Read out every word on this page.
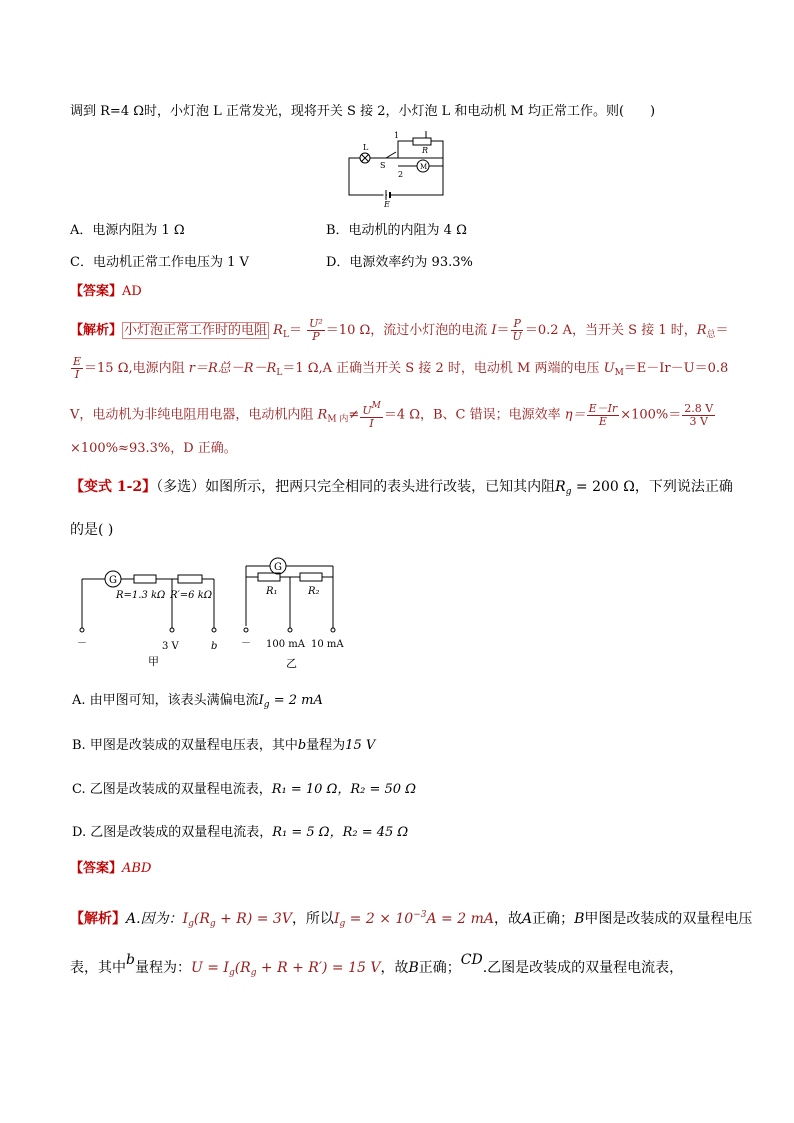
调到 R=4 Ω时，小灯泡 L 正常发光，现将开关 S 接 2，小灯泡 L 和电动机 M 均正常工作。则(　　)
L
1
R
S
2
M
E
A．电源内阻为 1 Ω	B．电动机的内阻为 4 Ω
C．电动机正常工作电压为 1 V	D．电源效率约为 93.3%
【答案】AD
【解析】 小灯泡正常工作时的电阻 $R_L= \frac{\text{U²}}{P} =10$ Ω，流过小灯泡的电流 $I= \frac{P}{U} =0.2$ A，当开关 S 接 1 时，$R_总=$
$\frac{E}{I} =15$ Ω,电源内阻 r＝R总$-R-R_L=1$ Ω,A 正确当开关 S 接 2 时，电动机 M 两端的电压 $U_M=E-Ir-U=0.8$
V，电动机为非纯电阻用电器，电动机内阻 $R_{M 内}\ne \frac{U^M}{I} =4$ Ω，B、C 错误；电源效率 $\eta= \frac{E-Ir}{E} \times 100\%= \frac{2.8 V}{3 V}$
×100%≈93.3%，D 正确。
【变式 1-2】（多选）如图所示，把两只完全相同的表头进行改装，已知其内阻$R_g = 200$ Ω，下列说法正确
的是( )
G
R=1.3 kΩ R′=6 kΩ
－	3 V	b
甲
G
R₁	R₂
－ 100 mA 10 mA
乙
A. 由甲图可知，该表头满偏电流$I_g = 2$ mA
B. 甲图是改装成的双量程电压表，其中b量程为15 V
C. 乙图是改装成的双量程电流表，R₁ = 10 Ω，R₂ = 50 Ω
D. 乙图是改装成的双量程电流表，R₁ = 5 Ω，R₂ = 45 Ω
【答案】ABD
【解析】A.因为：$I_g(R_g + R) = 3V$，所以$I_g = 2 \times 10^{-3}A = 2$ mA，故A正确；B甲图是改装成的双量程电压
表，其中b量程为：$U = I_g(R_g + R + R') = 15$ V，故B正确；CD.乙图是改装成的双量程电流表，
